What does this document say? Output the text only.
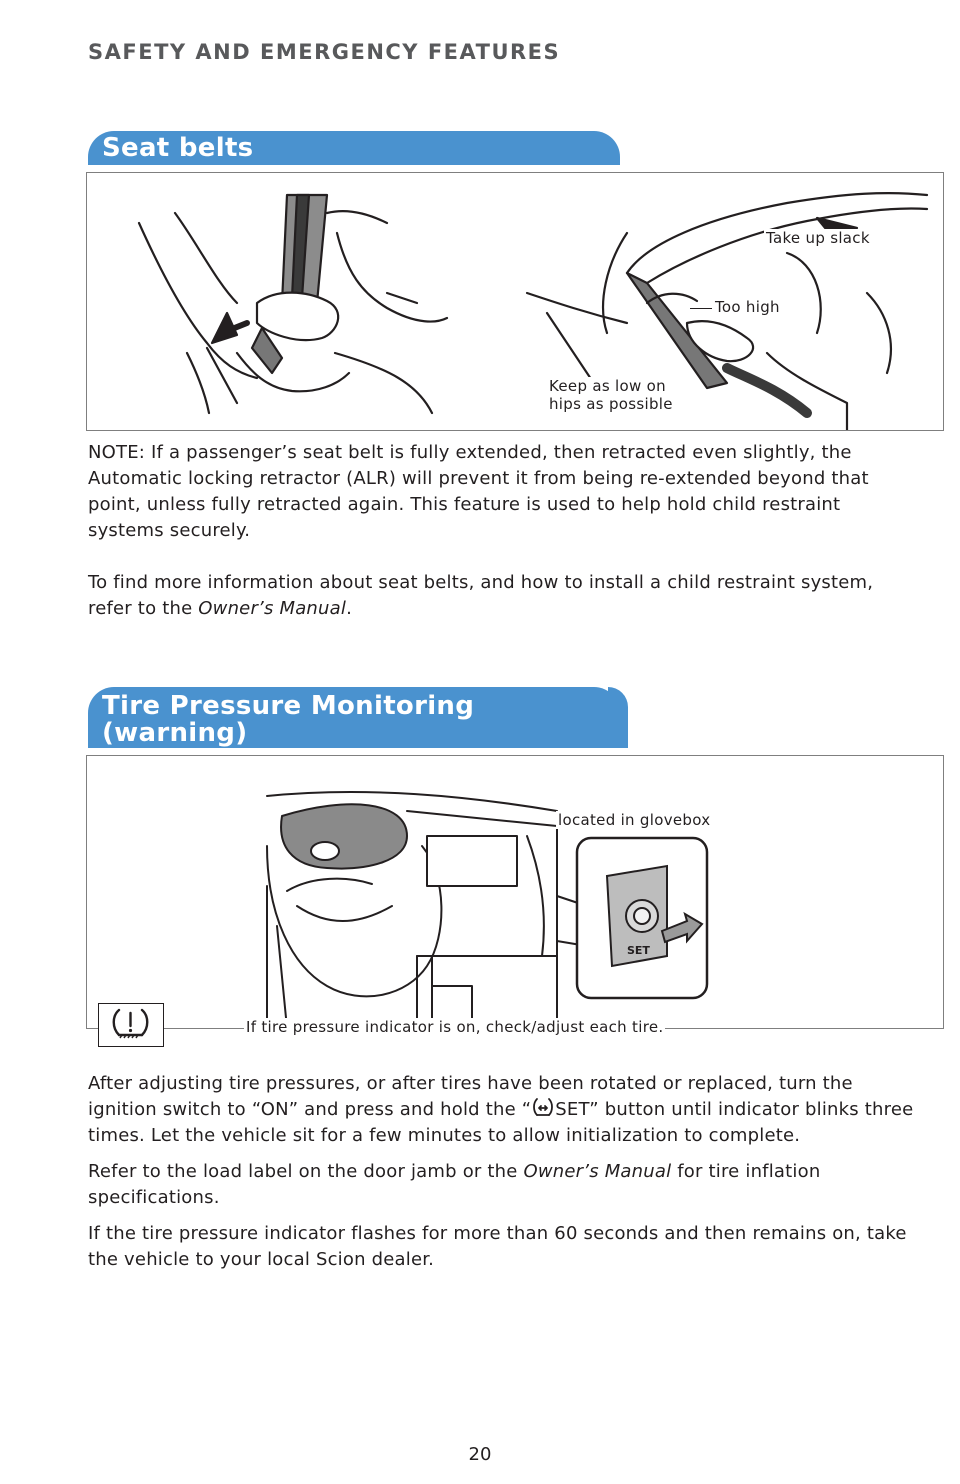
SAFETY AND EMERGENCY FEATURES
Seat belts
Take up slack
Too high
Keep as low on
hips as possible

NOTE: If a passenger’s seat belt is fully extended, then retracted even slightly, the Automatic locking retractor (ALR) will prevent it from being re-extended beyond that point, unless fully retracted again. This feature is used to help hold child restraint systems securely.

To find more information about seat belts, and how to install a child restraint system, refer to the Owner’s Manual.

Tire Pressure Monitoring (warning)
SET
located in glovebox
If tire pressure indicator is on, check/adjust each tire.

After adjusting tire pressures, or after tires have been rotated or replaced, turn the ignition switch to “ON” and press and hold the “ SET” button until indicator blinks three times. Let the vehicle sit for a few minutes to allow initialization to complete.

Refer to the load label on the door jamb or the Owner’s Manual for tire inflation specifications.

If the tire pressure indicator flashes for more than 60 seconds and then remains on, take the vehicle to your local Scion dealer.

20
